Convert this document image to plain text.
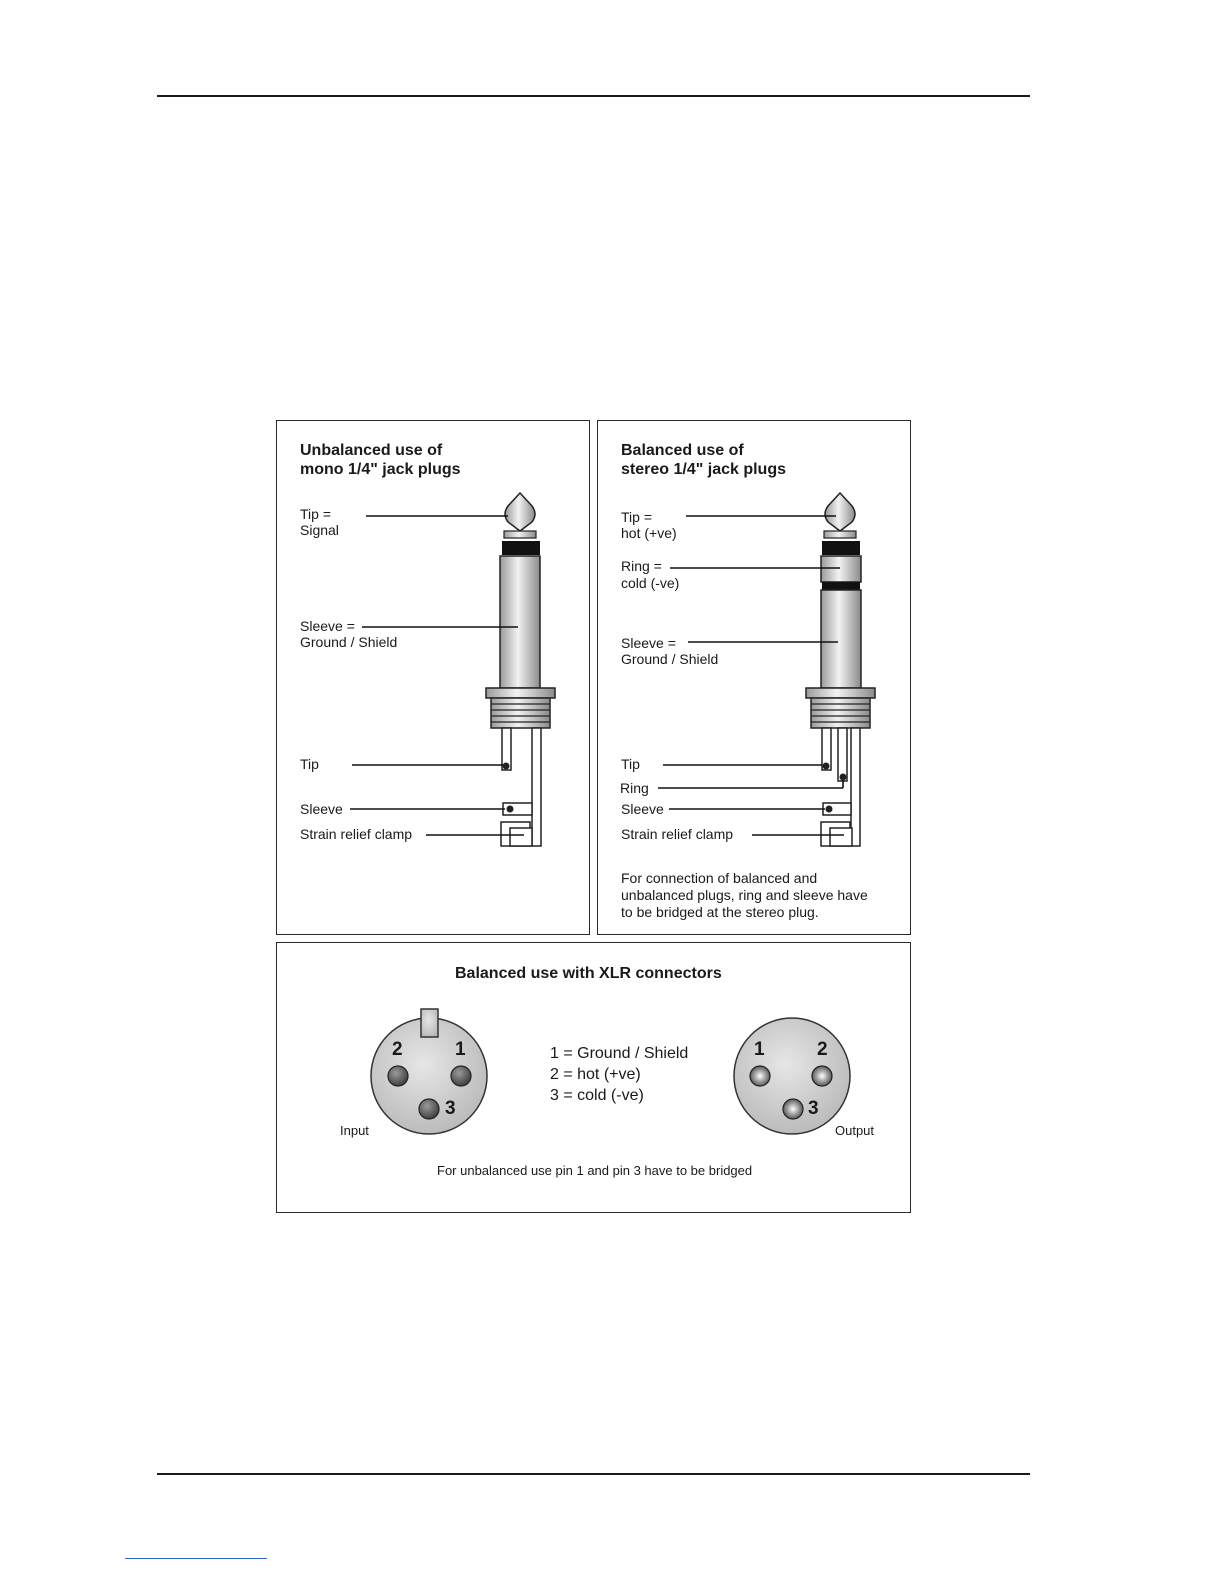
Unbalanced use of
mono 1/4" jack plugs
Tip =
Signal
Sleeve =
Ground / Shield
Tip
Sleeve
Strain relief clamp
Balanced use of
stereo 1/4" jack plugs
Tip =
hot (+ve)
Ring =
cold (-ve)
Sleeve =
Ground / Shield
Tip
Ring
Sleeve
Strain relief clamp
For connection of balanced and
unbalanced plugs, ring and sleeve have
to be bridged at the stereo plug.
Balanced use with XLR connectors
1 = Ground / Shield
2 = hot (+ve)
3 = cold (-ve)
Input	Output
For unbalanced use pin 1 and pin 3 have to be bridged
2	1
3
1	2
3
